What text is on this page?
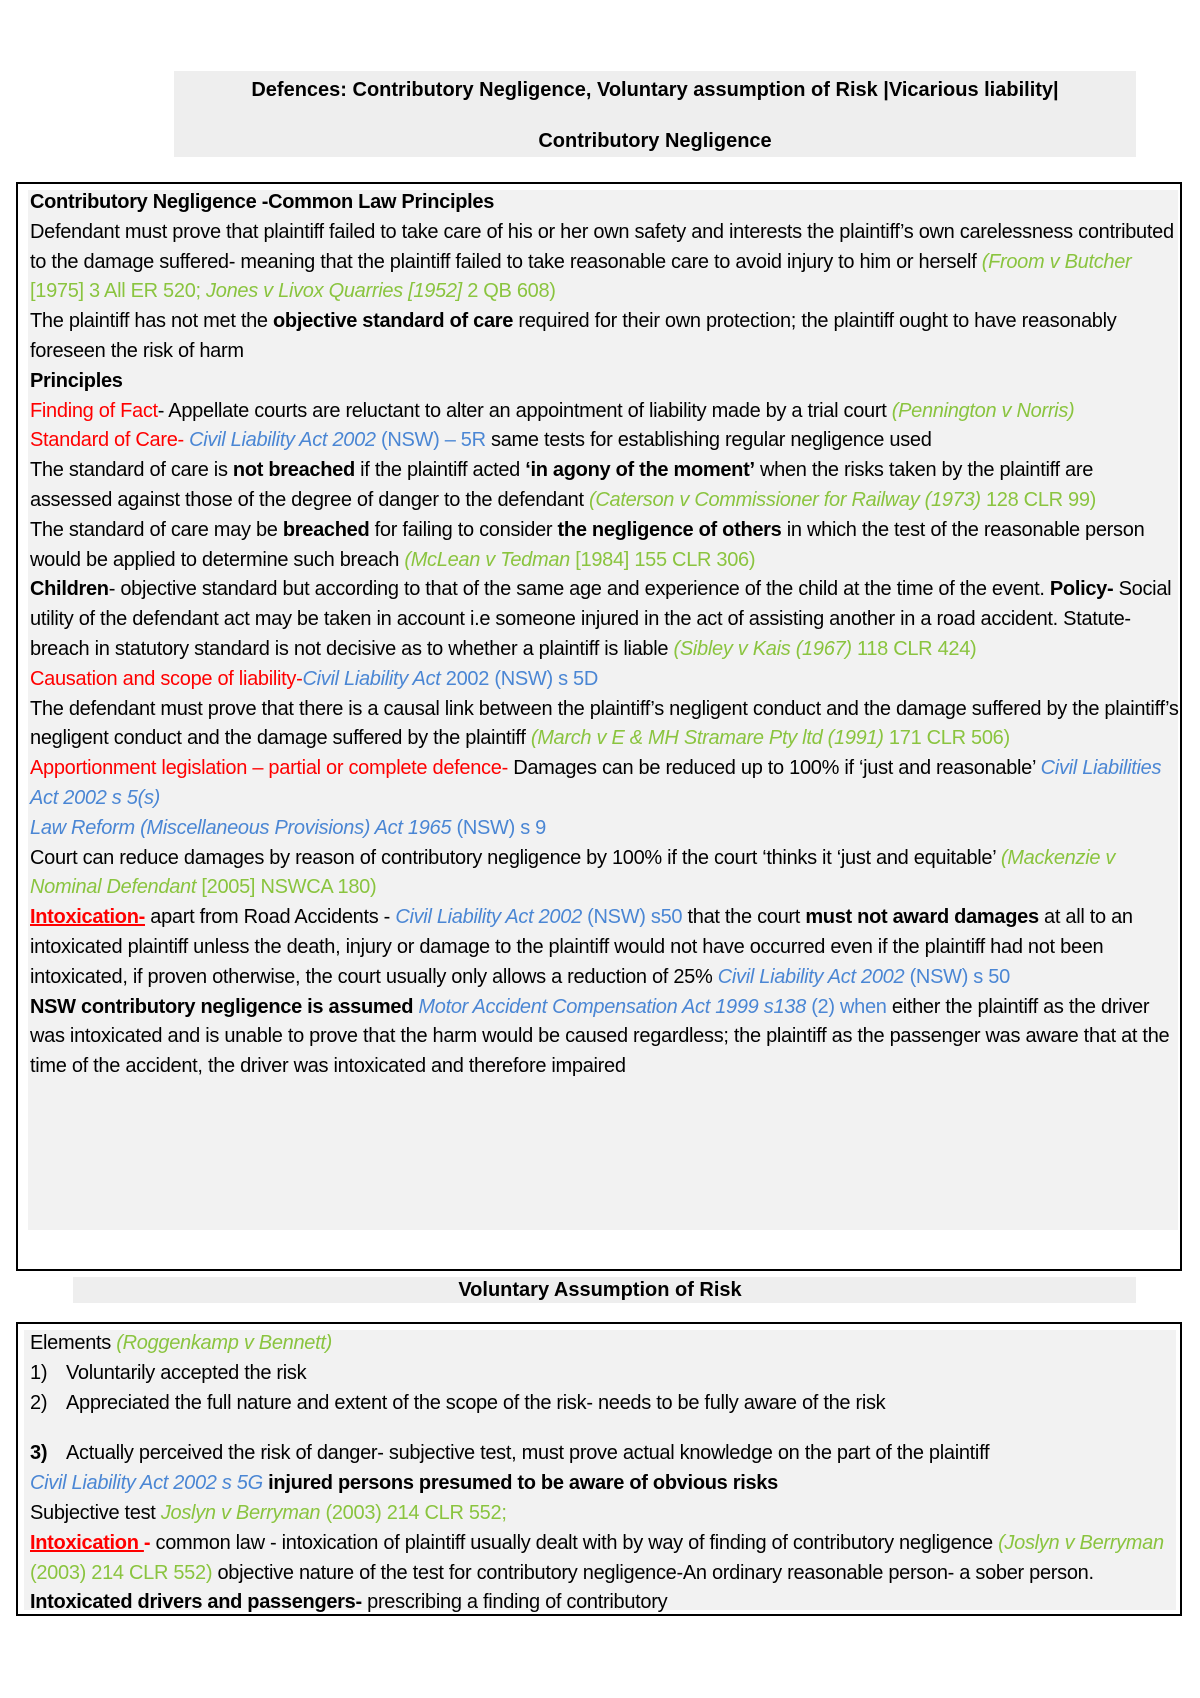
Defences: Contributory Negligence, Voluntary assumption of Risk |Vicarious liability|
Contributory Negligence

Contributory Negligence -Common Law Principles

Defendant must prove that plaintiff failed to take care of his or her own safety and interests the plaintiff’s own carelessness contributed to the damage suffered- meaning that the plaintiff failed to take reasonable care to avoid injury to him or herself (Froom v Butcher [1975] 3 All ER 520; Jones v Livox Quarries [1952] 2 QB 608)

The plaintiff has not met the objective standard of care required for their own protection; the plaintiff ought to have reasonably foreseen the risk of harm

Principles

Finding of Fact- Appellate courts are reluctant to alter an appointment of liability made by a trial court (Pennington v Norris)

Standard of Care- Civil Liability Act 2002 (NSW) – 5R same tests for establishing regular negligence used

The standard of care is not breached if the plaintiff acted ‘in agony of the moment’ when the risks taken by the plaintiff are assessed against those of the degree of danger to the defendant (Caterson v Commissioner for Railway (1973) 128 CLR 99)

The standard of care may be breached for failing to consider the negligence of others in which the test of the reasonable person would be applied to determine such breach (McLean v Tedman [1984] 155 CLR 306)

Children- objective standard but according to that of the same age and experience of the child at the time of the event. Policy- Social utility of the defendant act may be taken in account i.e someone injured in the act of assisting another in a road accident. Statute- breach in statutory standard is not decisive as to whether a plaintiff is liable (Sibley v Kais (1967) 118 CLR 424)

Causation and scope of liability-Civil Liability Act 2002 (NSW) s 5D

The defendant must prove that there is a causal link between the plaintiff’s negligent conduct and the damage suffered by the plaintiff’s negligent conduct and the damage suffered by the plaintiff (March v E & MH Stramare Pty ltd (1991) 171 CLR 506)

Apportionment legislation – partial or complete defence- Damages can be reduced up to 100% if ‘just and reasonable’ Civil Liabilities Act 2002 s 5(s)

Law Reform (Miscellaneous Provisions) Act 1965 (NSW) s 9

Court can reduce damages by reason of contributory negligence by 100% if the court ‘thinks it ‘just and equitable’ (Mackenzie v Nominal Defendant [2005] NSWCA 180)

Intoxication- apart from Road Accidents - Civil Liability Act 2002 (NSW) s50 that the court must not award damages at all to an intoxicated plaintiff unless the death, injury or damage to the plaintiff would not have occurred even if the plaintiff had not been intoxicated, if proven otherwise, the court usually only allows a reduction of 25% Civil Liability Act 2002 (NSW) s 50

NSW contributory negligence is assumed Motor Accident Compensation Act 1999 s138 (2) when either the plaintiff as the driver was intoxicated and is unable to prove that the harm would be caused regardless; the plaintiff as the passenger was aware that at the time of the accident, the driver was intoxicated and therefore impaired

Voluntary Assumption of Risk

Elements (Roggenkamp v Bennett)

1) Voluntarily accepted the risk

2) Appreciated the full nature and extent of the scope of the risk- needs to be fully aware of the risk

3) Actually perceived the risk of danger- subjective test, must prove actual knowledge on the part of the plaintiff

Civil Liability Act 2002 s 5G injured persons presumed to be aware of obvious risks

Subjective test Joslyn v Berryman (2003) 214 CLR 552;

Intoxication - common law - intoxication of plaintiff usually dealt with by way of finding of contributory negligence (Joslyn v Berryman (2003) 214 CLR 552) objective nature of the test for contributory negligence-An ordinary reasonable person- a sober person. Intoxicated drivers and passengers- prescribing a finding of contributory
